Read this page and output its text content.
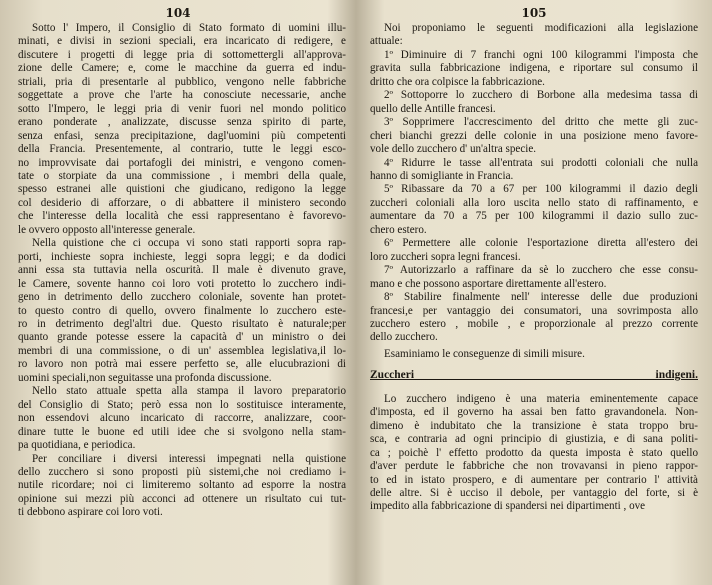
104
Sotto l' Impero, il Consiglio di Stato formato di uomini illu-
minati, e divisi in sezioni speciali, era incaricato di redigere, e
discutere i progetti di legge pria di sottomettergli all'approva-
zione delle Camere; e, come le macchine da guerra ed indu-
striali, pria di presentarle al pubblico, vengono nelle fabbriche
soggettate a prove che l'arte ha conosciute necessarie, anche
sotto l'Impero, le leggi pria di venir fuori nel mondo politico
erano ponderate , analizzate, discusse senza spirito di parte,
senza enfasi, senza precipitazione, dagl'uomini più competenti
della Francia. Presentemente, al contrario, tutte le leggi esco-
no improvvisate dai portafogli dei ministri, e vengono comen-
tate o storpiate da una commissione , i membri della quale,
spesso estranei alle quistioni che giudicano, redigono la legge
col desiderio di afforzare, o di abbattere il ministero secondo
che l'interesse della località che essi rappresentano è favorevo-
le ovvero opposto all'interesse generale.
Nella quistione che ci occupa vi sono stati rapporti sopra rap-
porti, inchieste sopra inchieste, leggi sopra leggi; e da dodici
anni essa sta tuttavia nella oscurità. Il male è divenuto grave,
le Camere, sovente hanno coi loro voti protetto lo zucchero indi-
geno in detrimento dello zucchero coloniale, sovente han protet-
to questo contro di quello, ovvero finalmente lo zucchero este-
ro in detrimento degl'altri due. Questo risultato è naturale;per
quanto grande potesse essere la capacità d' un ministro o dei
membri di una commissione, o di un' assemblea legislativa,il lo-
ro lavoro non potrà mai essere perfetto se, alle elucubrazioni di
uomini speciali,non seguitasse una profonda discussione.
Nello stato attuale spetta alla stampa il lavoro preparatorio
del Consiglio di Stato; però essa non lo sostituisce interamente,
non essendovi alcuno incaricato di raccorre, analizzare, coor-
dinare tutte le buone ed utili idee che si svolgono nella stam-
pa quotidiana, e periodica.
Per conciliare i diversi interessi impegnati nella quistione
dello zucchero si sono proposti più sistemi,che noi crediamo i-
nutile ricordare; noi ci limiteremo soltanto ad esporre la nostra
opinione sui mezzi più acconci ad ottenere un risultato cui tut-
ti debbono aspirare coi loro voti.
105
Noi proponiamo le seguenti modificazioni alla legislazione
attuale:
1º Diminuire di 7 franchi ogni 100 kilogrammi l'imposta che
gravita sulla fabbricazione indigena, e riportare sul consumo il
dritto che ora colpisce la fabbricazione.
2º Sottoporre lo zucchero di Borbone alla medesima tassa di
quello delle Antille francesi.
3º Sopprimere l'accrescimento del dritto che mette gli zuc-
cheri bianchi grezzi delle colonie in una posizione meno favore-
vole dello zucchero d' un'altra specie.
4º Ridurre le tasse all'entrata sui prodotti coloniali che nulla
hanno di somigliante in Francia.
5º Ribassare da 70 a 67 per 100 kilogrammi il dazio degli
zuccheri coloniali alla loro uscita nello stato di raffinamento, e
aumentare da 70 a 75 per 100 kilogrammi il dazio sullo zuc-
chero estero.
6º Permettere alle colonie l'esportazione diretta all'estero dei
loro zuccheri sopra legni francesi.
7º Autorizzarlo a raffinare da sè lo zucchero che esse consu-
mano e che possono asportare direttamente all'estero.
8º Stabilire finalmente nell' interesse delle due produzioni
francesi,e per vantaggio dei consumatori, una sovrimposta allo
zucchero estero , mobile , e proporzionale al prezzo corrente
dello zucchero.
Esaminiamo le conseguenze di simili misure.
Zuccheri indigeni.
Lo zucchero indigeno è una materia eminentemente capace
d'imposta, ed il governo ha assai ben fatto gravandonela. Non-
dimeno è indubitato che la transizione è stata troppo bru-
sca, e contraria ad ogni principio di giustizia, e di sana politi-
ca ; poichè l' effetto prodotto da questa imposta è stato quello
d'aver perdute le fabbriche che non trovavansi in pieno rappor-
to ed in istato prospero, e di aumentare per contrario l' attività
delle altre. Si è ucciso il debole, per vantaggio del forte, si è
impedito alla fabbricazione di spandersi nei dipartimenti , ove
